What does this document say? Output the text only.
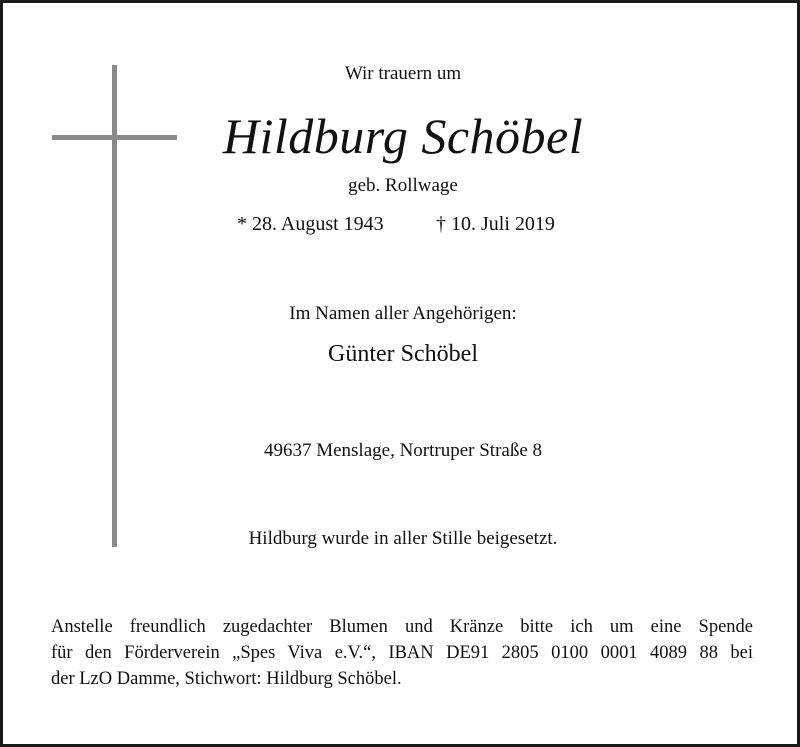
Wir trauern um
Hildburg Schöbel
geb. Rollwage
* 28. August 1943	† 10. Juli 2019
Im Namen aller Angehörigen:
Günter Schöbel
49637 Menslage, Nortruper Straße 8
Hildburg wurde in aller Stille beigesetzt.
Anstelle freundlich zugedachter Blumen und Kränze bitte ich um eine Spende
für den Förderverein „Spes Viva e.V.“, IBAN DE91 2805 0100 0001 4089 88 bei
der LzO Damme, Stichwort: Hildburg Schöbel.
